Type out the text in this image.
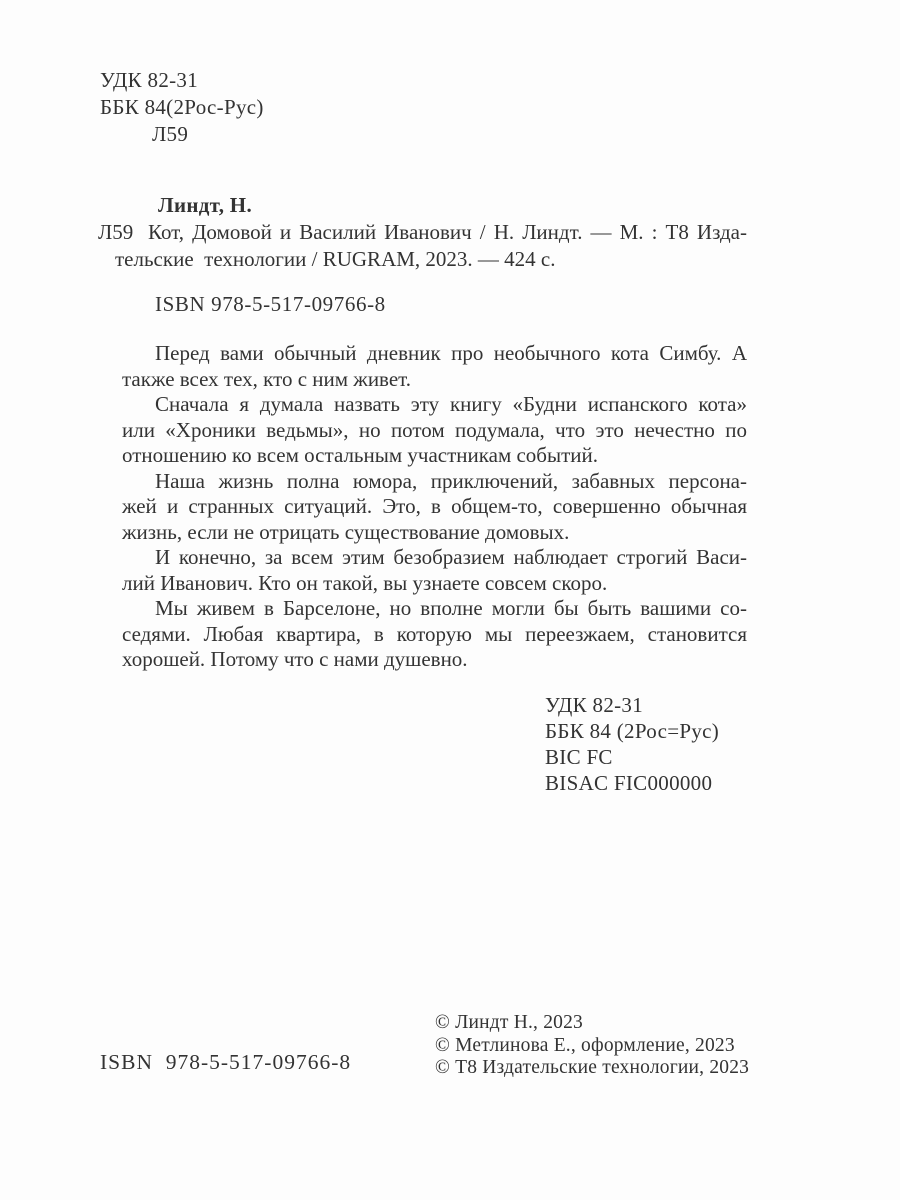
УДК 82-31
ББК 84(2Рос-Рус)
Л59
Линдт, Н.
Л59 Кот, Домовой и Василий Иванович / Н. Линдт. — М. : Т8 Изда-
тельские  технологии / RUGRAM, 2023. — 424 с.
ISBN 978-5-517-09766-8
Перед вами обычный дневник про необычного кота Симбу. А
также всех тех, кто с ним живет.
Сначала я думала назвать эту книгу «Будни испанского кота»
или «Хроники ведьмы», но потом подумала, что это нечестно по
отношению ко всем остальным участникам событий.
Наша жизнь полна юмора, приключений, забавных персона-
жей и странных ситуаций. Это, в общем-то, совершенно обычная
жизнь, если не отрицать существование домовых.
И конечно, за всем этим безобразием наблюдает строгий Васи-
лий Иванович. Кто он такой, вы узнаете совсем скоро.
Мы живем в Барселоне, но вполне могли бы быть вашими со-
седями. Любая квартира, в которую мы переезжаем, становится
хорошей. Потому что с нами душевно.
УДК 82-31
ББК 84 (2Рос=Рус)
BIC FC
BISAC FIC000000
© Линдт Н., 2023
© Метлинова Е., оформление, 2023
© Т8 Издательские технологии, 2023
ISBN  978-5-517-09766-8
